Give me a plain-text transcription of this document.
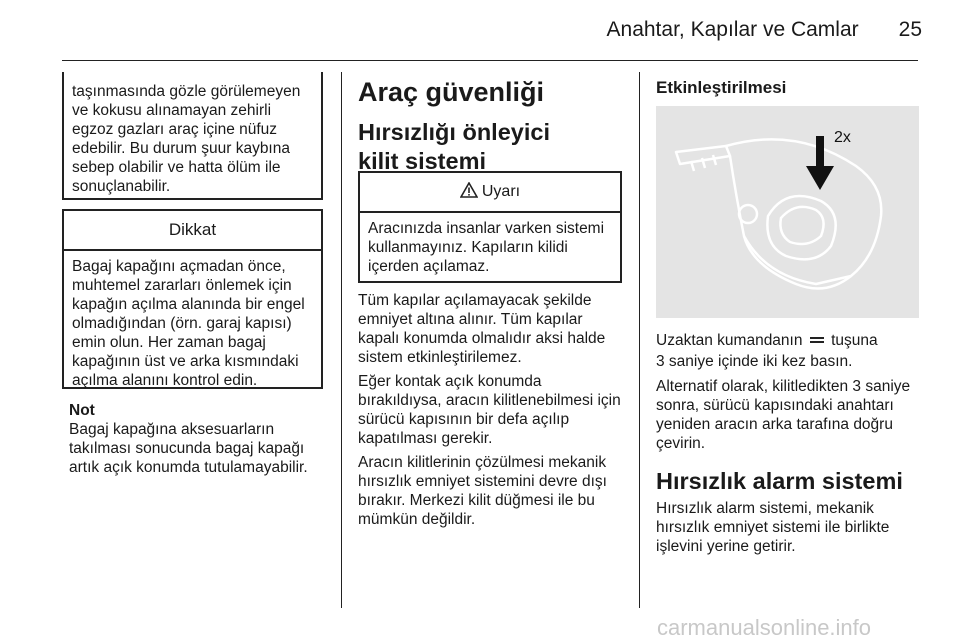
Anahtar, Kapılar ve Camlar 25
taşınmasında gözle görülemeyen ve kokusu alınamayan zehirli egzoz gazları araç içine nüfuz edebilir. Bu durum şuur kaybına sebep olabilir ve hatta ölüm ile sonuçlanabilir.
Dikkat
Bagaj kapağını açmadan önce, muhtemel zararları önlemek için kapağın açılma alanında bir engel olmadığından (örn. garaj kapısı) emin olun. Her zaman bagaj kapağının üst ve arka kısmındaki açılma alanını kontrol edin.
Not

Bagaj kapağına aksesuarların takılması sonucunda bagaj kapağı artık açık konumda tutulamayabilir.

Araç güvenliği
Hırsızlığı önleyici kilit sistemi
Uyarı
Aracınızda insanlar varken sistemi kullanmayınız. Kapıların kilidi içerden açılamaz.

Tüm kapılar açılamayacak şekilde emniyet altına alınır. Tüm kapılar kapalı konumda olmalıdır aksi halde sistem etkinleştirilemez.

Eğer kontak açık konumda bırakıldıysa, aracın kilitlenebilmesi için sürücü kapısının bir defa açılıp kapatılması gerekir.

Aracın kilitlerinin çözülmesi mekanik hırsızlık emniyet sistemini devre dışı bırakır. Merkezi kilit düğmesi ile bu mümkün değildir.

Etkinleştirilmesi
2x

Uzaktan kumandanın tuşuna
3 saniye içinde iki kez basın.

Alternatif olarak, kilitledikten 3 saniye sonra, sürücü kapısındaki anahtarı yeniden aracın arka tarafına doğru çevirin.

Hırsızlık alarm sistemi

Hırsızlık alarm sistemi, mekanik hırsızlık emniyet sistemi ile birlikte işlevini yerine getirir.

carmanualsonline.info
